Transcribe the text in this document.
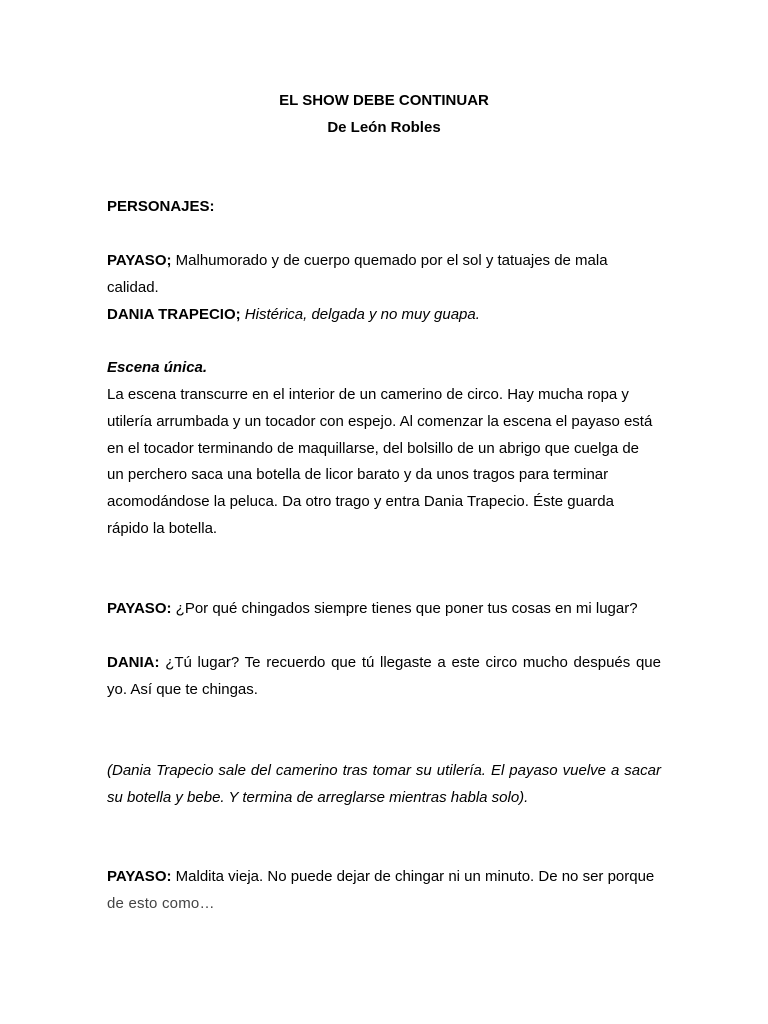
EL SHOW DEBE CONTINUAR
De León Robles
PERSONAJES:
PAYASO; Malhumorado y de cuerpo quemado por el sol y tatuajes de mala
calidad.
DANIA TRAPECIO; Histérica, delgada y no muy guapa.
Escena única.
La escena transcurre en el interior de un camerino de circo. Hay mucha ropa y
utilería arrumbada y un tocador con espejo. Al comenzar la escena el payaso está
en el tocador terminando de maquillarse, del bolsillo de un abrigo que cuelga de
un perchero saca una botella de licor barato y da unos tragos para terminar
acomodándose la peluca. Da otro trago y entra Dania Trapecio. Éste guarda
rápido la botella.
PAYASO: ¿Por qué chingados siempre tienes que poner tus cosas en mi lugar?
DANIA: ¿Tú lugar? Te recuerdo que tú llegaste a este circo mucho después que
yo. Así que te chingas.
(Dania Trapecio sale del camerino tras tomar su utilería. El payaso vuelve a sacar
su botella y bebe. Y termina de arreglarse mientras habla solo).
PAYASO: Maldita vieja. No puede dejar de chingar ni un minuto. De no ser porque
de esto como…
